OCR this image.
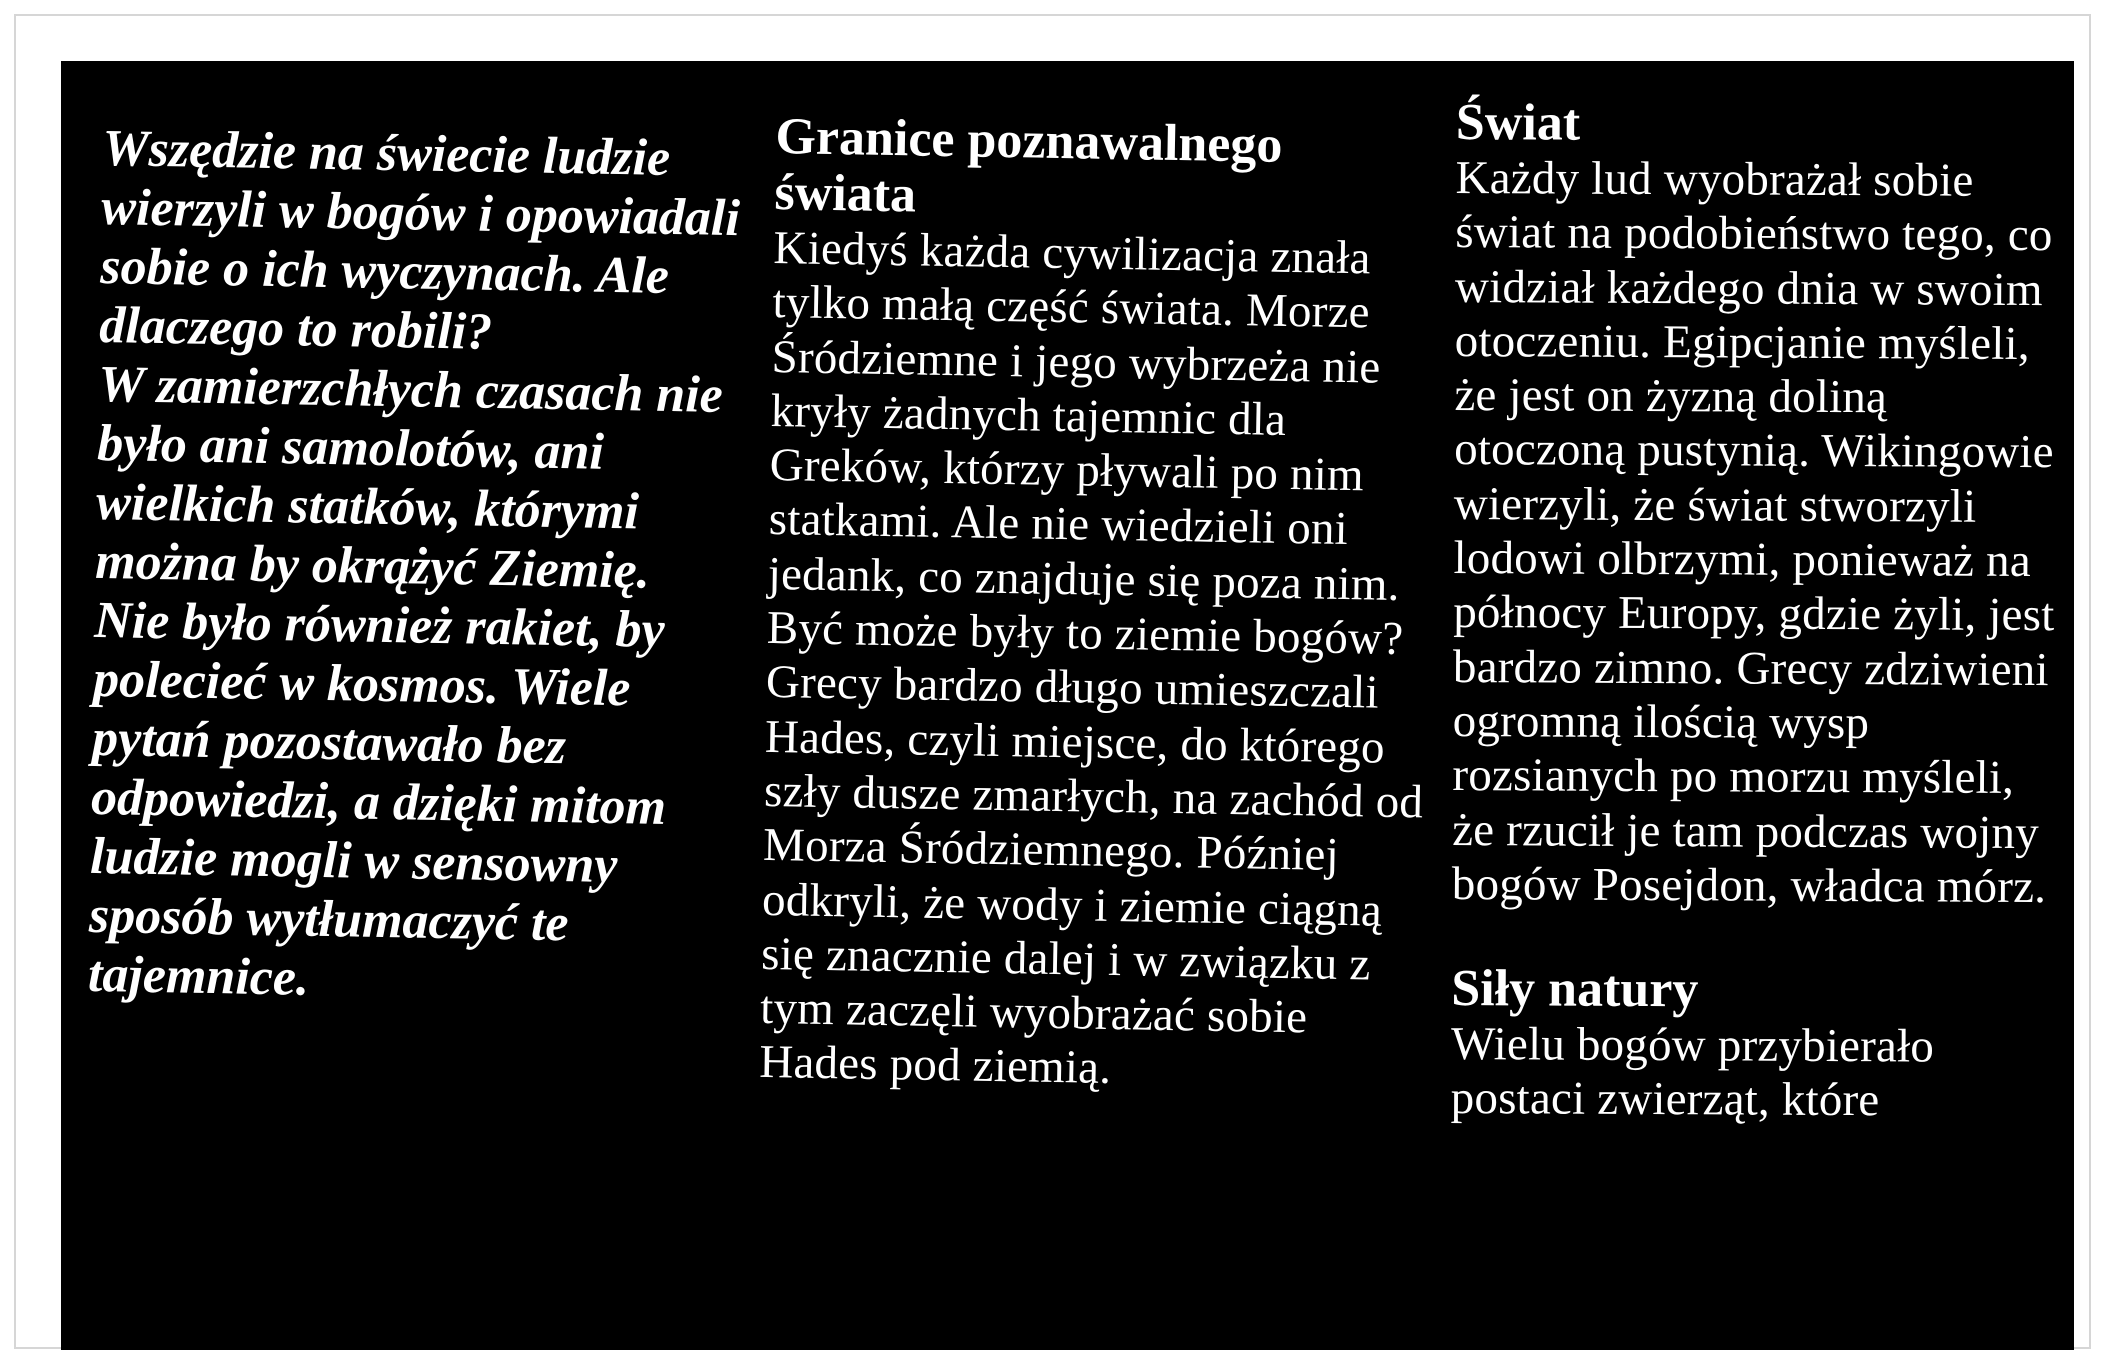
Wszędzie na świecie ludzie wierzyli w bogów i opowiadali sobie o ich wyczynach. Ale dlaczego to robili?

W zamierzchłych czasach nie było ani samolotów, ani wielkich statków, którymi można by okrążyć Ziemię. Nie było również rakiet, by polecieć w kosmos. Wiele pytań pozostawało bez odpowiedzi, a dzięki mitom ludzie mogli w sensowny sposób wytłumaczyć te tajemnice.

Granice poznawalnego świata

Kiedyś każda cywilizacja znała tylko małą część świata. Morze Śródziemne i jego wybrzeża nie kryły żadnych tajemnic dla Greków, którzy pływali po nim statkami. Ale nie wiedzieli oni jedank, co znajduje się poza nim. Być może były to ziemie bogów? Grecy bardzo długo umieszczali Hades, czyli miejsce, do którego szły dusze zmarłych, na zachód od Morza Śródziemnego. Później odkryli, że wody i ziemie ciągną się znacznie dalej i w związku z tym zaczęli wyobrażać sobie Hades pod ziemią.

Świat

Każdy lud wyobrażał sobie świat na podobieństwo tego, co widział każdego dnia w swoim otoczeniu. Egipcjanie myśleli, że jest on żyzną doliną otoczoną pustynią. Wikingowie wierzyli, że świat stworzyli lodowi olbrzymi, ponieważ na północy Europy, gdzie żyli, jest bardzo zimno. Grecy zdziwieni ogromną ilością wysp rozsianych po morzu myśleli, że rzucił je tam podczas wojny bogów Posejdon, władca mórz.

Siły natury

Wielu bogów przybierało postaci zwierząt, które
